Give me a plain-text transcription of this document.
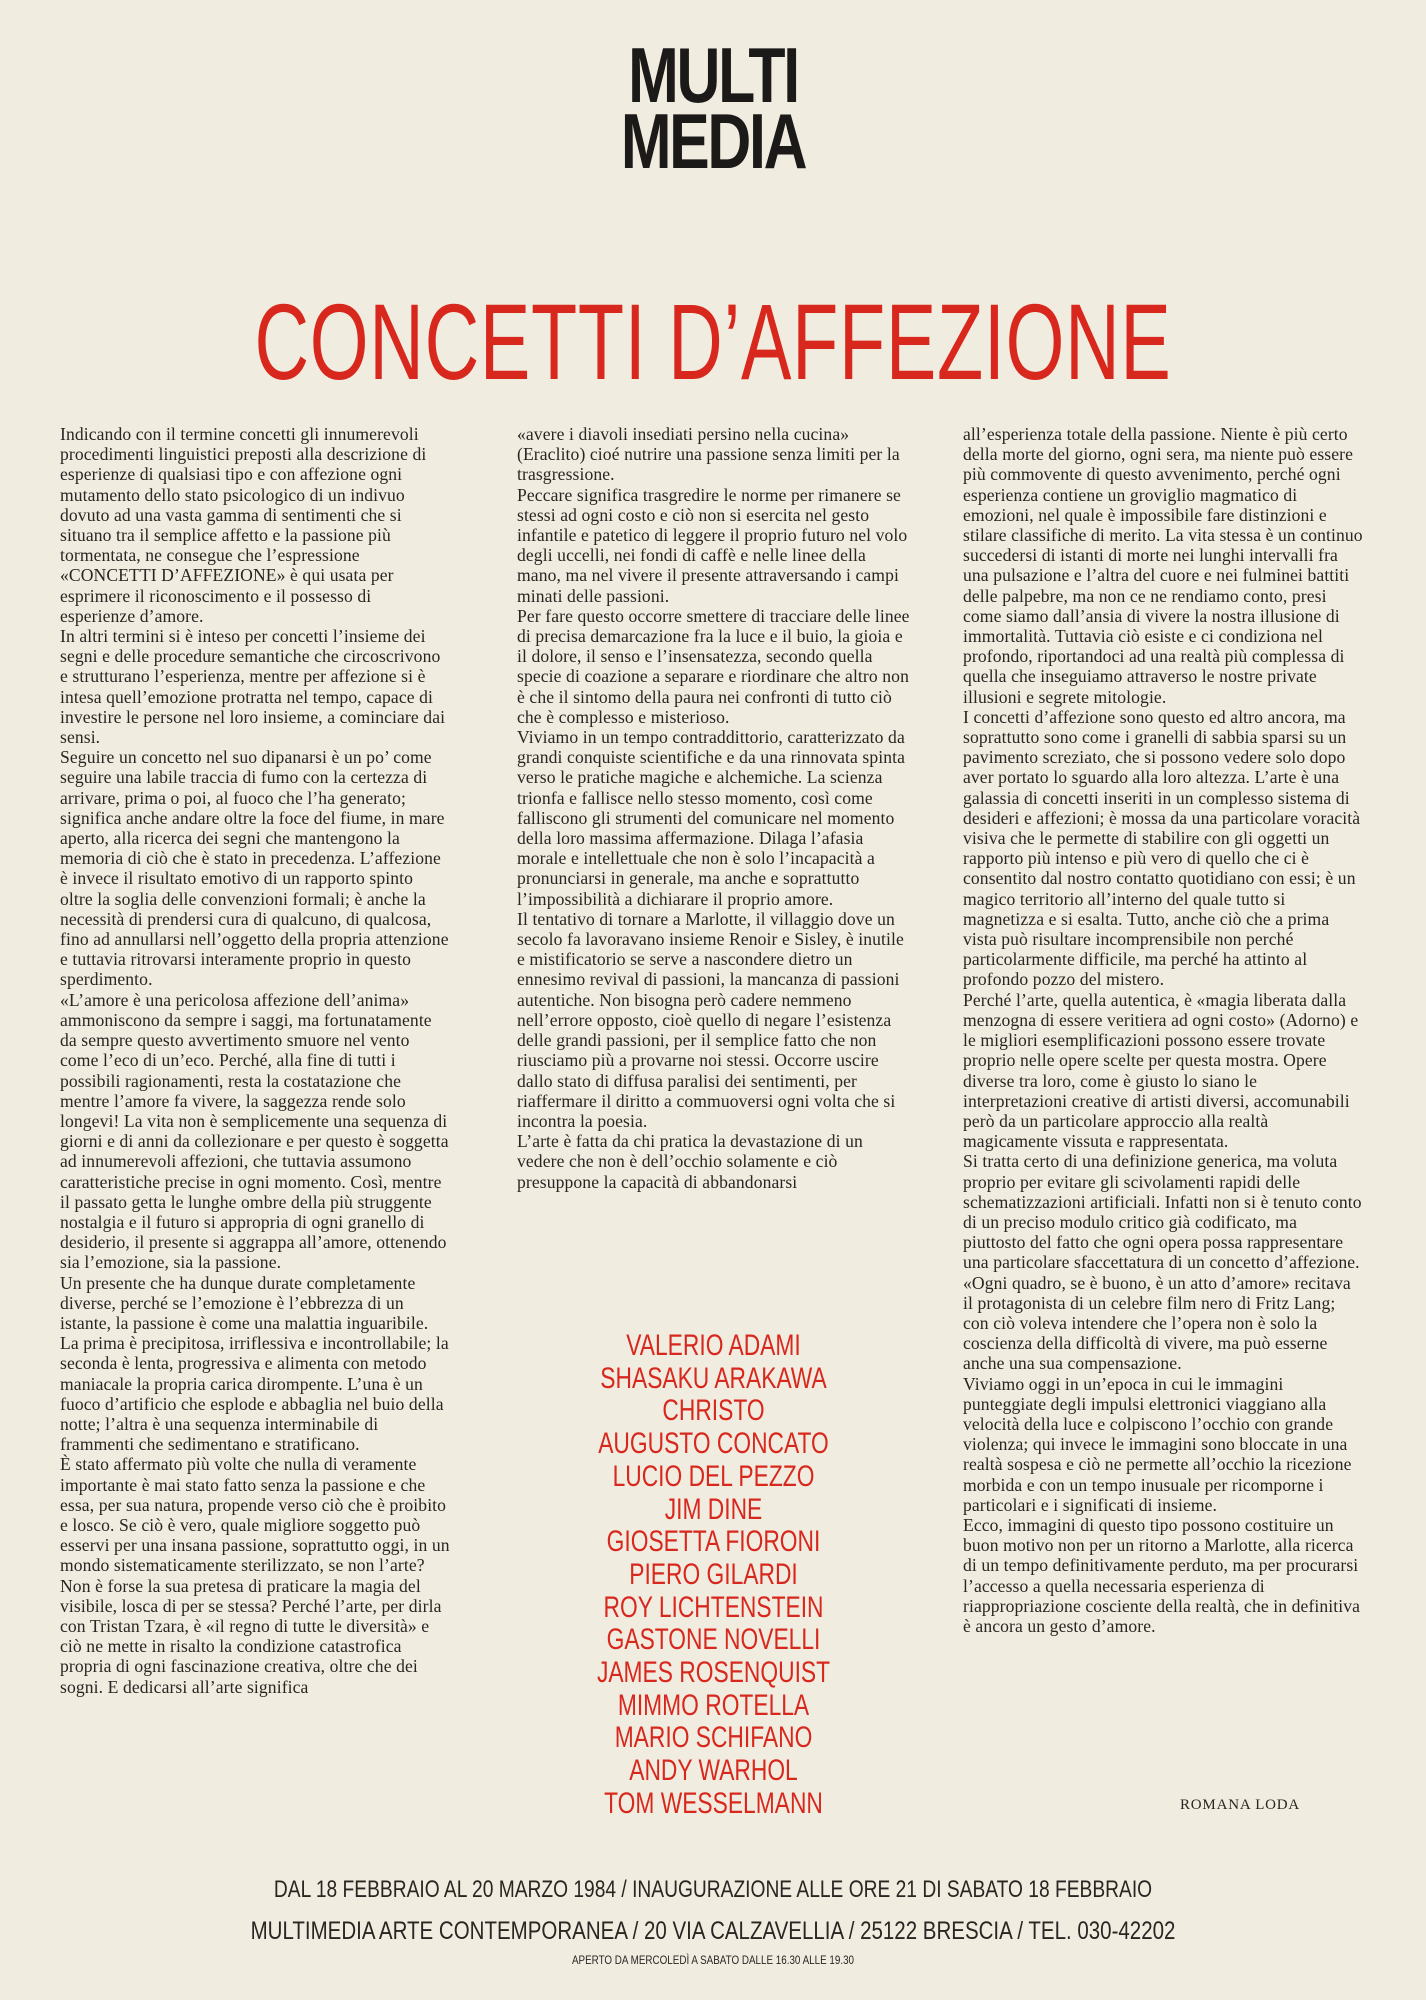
MULTI
MEDIA
CONCETTI D’AFFEZIONE

Indicando con il termine concetti gli innumerevoli procedimenti linguistici preposti alla descrizione di esperienze di qualsiasi tipo e con affezione ogni mutamento dello stato psicologico di un indivuo dovuto ad una vasta gamma di sentimenti che si situano tra il semplice affetto e la passione più tormentata, ne consegue che l’espressione «CONCETTI D’AFFEZIONE» è qui usata per esprimere il riconoscimento e il possesso di esperienze d’amore.

In altri termini si è inteso per concetti l’insieme dei segni e delle procedure semantiche che circoscrivono e strutturano l’esperienza, mentre per affezione si è intesa quell’emozione protratta nel tempo, capace di investire le persone nel loro insieme, a cominciare dai sensi.

Seguire un concetto nel suo dipanarsi è un po’ come seguire una labile traccia di fumo con la certezza di arrivare, prima o poi, al fuoco che l’ha generato; significa anche andare oltre la foce del fiume, in mare aperto, alla ricerca dei segni che mantengono la memoria di ciò che è stato in precedenza. L’affezione è invece il risultato emotivo di un rapporto spinto oltre la soglia delle convenzioni formali; è anche la necessità di prendersi cura di qualcuno, di qualcosa, fino ad annullarsi nell’oggetto della propria attenzione e tuttavia ritrovarsi interamente proprio in questo sperdimento.

«L’amore è una pericolosa affezione dell’anima» ammoniscono da sempre i saggi, ma fortunatamente da sempre questo avvertimento smuore nel vento come l’eco di un’eco. Perché, alla fine di tutti i possibili ragionamenti, resta la costatazione che mentre l’amore fa vivere, la saggezza rende solo longevi! La vita non è semplicemente una sequenza di giorni e di anni da collezionare e per questo è soggetta ad innumerevoli affezioni, che tuttavia assumono caratteristiche precise in ogni momento. Così, mentre il passato getta le lunghe ombre della più struggente nostalgia e il futuro si appropria di ogni granello di desiderio, il presente si aggrappa all’amore, ottenendo sia l’emozione, sia la passione.

Un presente che ha dunque durate completamente diverse, perché se l’emozione è l’ebbrezza di un istante, la passione è come una malattia inguaribile. La prima è precipitosa, irriflessiva e incontrollabile; la seconda è lenta, progressiva e alimenta con metodo maniacale la propria carica dirompente. L’una è un fuoco d’artificio che esplode e abbaglia nel buio della notte; l’altra è una sequenza interminabile di frammenti che sedimentano e stratificano.

È stato affermato più volte che nulla di veramente importante è mai stato fatto senza la passione e che essa, per sua natura, propende verso ciò che è proibito e losco. Se ciò è vero, quale migliore soggetto può esservi per una insana passione, soprattutto oggi, in un mondo sistematicamente sterilizzato, se non l’arte? Non è forse la sua pretesa di praticare la magia del visibile, losca di per se stessa? Perché l’arte, per dirla con Tristan Tzara, è «il regno di tutte le diversità» e ciò ne mette in risalto la condizione catastrofica propria di ogni fascinazione creativa, oltre che dei sogni. E dedicarsi all’arte significa

«avere i diavoli insediati persino nella cucina» (Eraclito) cioé nutrire una passione senza limiti per la trasgressione.

Peccare significa trasgredire le norme per rimanere se stessi ad ogni costo e ciò non si esercita nel gesto infantile e patetico di leggere il proprio futuro nel volo degli uccelli, nei fondi di caffè e nelle linee della mano, ma nel vivere il presente attraversando i campi minati delle passioni.

Per fare questo occorre smettere di tracciare delle linee di precisa demarcazione fra la luce e il buio, la gioia e il dolore, il senso e l’insensatezza, secondo quella specie di coazione a separare e riordinare che altro non è che il sintomo della paura nei confronti di tutto ciò che è complesso e misterioso.

Viviamo in un tempo contraddittorio, caratterizzato da grandi conquiste scientifiche e da una rinnovata spinta verso le pratiche magiche e alchemiche. La scienza trionfa e fallisce nello stesso momento, così come falliscono gli strumenti del comunicare nel momento della loro massima affermazione. Dilaga l’afasia morale e intellettuale che non è solo l’incapacità a pronunciarsi in generale, ma anche e soprattutto l’impossibilità a dichiarare il proprio amore.

Il tentativo di tornare a Marlotte, il villaggio dove un secolo fa lavoravano insieme Renoir e Sisley, è inutile e mistificatorio se serve a nascondere dietro un ennesimo revival di passioni, la mancanza di passioni autentiche. Non bisogna però cadere nemmeno nell’errore opposto, cioè quello di negare l’esistenza delle grandi passioni, per il semplice fatto che non riusciamo più a provarne noi stessi. Occorre uscire dallo stato di diffusa paralisi dei sentimenti, per riaffermare il diritto a commuoversi ogni volta che si incontra la poesia.

L’arte è fatta da chi pratica la devastazione di un vedere che non è dell’occhio solamente e ciò presuppone la capacità di abbandonarsi

VALERIO ADAMI
SHASAKU ARAKAWA
CHRISTO
AUGUSTO CONCATO
LUCIO DEL PEZZO
JIM DINE
GIOSETTA FIORONI
PIERO GILARDI
ROY LICHTENSTEIN
GASTONE NOVELLI
JAMES ROSENQUIST
MIMMO ROTELLA
MARIO SCHIFANO
ANDY WARHOL
TOM WESSELMANN

all’esperienza totale della passione. Niente è più certo della morte del giorno, ogni sera, ma niente può essere più commovente di questo avvenimento, perché ogni esperienza contiene un groviglio magmatico di emozioni, nel quale è impossibile fare distinzioni e stilare classifiche di merito. La vita stessa è un continuo succedersi di istanti di morte nei lunghi intervalli fra una pulsazione e l’altra del cuore e nei fulminei battiti delle palpebre, ma non ce ne rendiamo conto, presi come siamo dall’ansia di vivere la nostra illusione di immortalità. Tuttavia ciò esiste e ci condiziona nel profondo, riportandoci ad una realtà più complessa di quella che inseguiamo attraverso le nostre private illusioni e segrete mitologie.

I concetti d’affezione sono questo ed altro ancora, ma soprattutto sono come i granelli di sabbia sparsi su un pavimento screziato, che si possono vedere solo dopo aver portato lo sguardo alla loro altezza. L’arte è una galassia di concetti inseriti in un complesso sistema di desideri e affezioni; è mossa da una particolare voracità visiva che le permette di stabilire con gli oggetti un rapporto più intenso e più vero di quello che ci è consentito dal nostro contatto quotidiano con essi; è un magico territorio all’interno del quale tutto si magnetizza e si esalta. Tutto, anche ciò che a prima vista può risultare incomprensibile non perché particolarmente difficile, ma perché ha attinto al profondo pozzo del mistero.

Perché l’arte, quella autentica, è «magia liberata dalla menzogna di essere veritiera ad ogni costo» (Adorno) e le migliori esemplificazioni possono essere trovate proprio nelle opere scelte per questa mostra. Opere diverse tra loro, come è giusto lo siano le interpretazioni creative di artisti diversi, accomunabili però da un particolare approccio alla realtà magicamente vissuta e rappresentata.

Si tratta certo di una definizione generica, ma voluta proprio per evitare gli scivolamenti rapidi delle schematizzazioni artificiali. Infatti non si è tenuto conto di un preciso modulo critico già codificato, ma piuttosto del fatto che ogni opera possa rappresentare una particolare sfaccettatura di un concetto d’affezione.

«Ogni quadro, se è buono, è un atto d’amore» recitava il protagonista di un celebre film nero di Fritz Lang; con ciò voleva intendere che l’opera non è solo la coscienza della difficoltà di vivere, ma può esserne anche una sua compensazione.

Viviamo oggi in un’epoca in cui le immagini punteggiate degli impulsi elettronici viaggiano alla velocità della luce e colpiscono l’occhio con grande violenza; qui invece le immagini sono bloccate in una realtà sospesa e ciò ne permette all’occhio la ricezione morbida e con un tempo inusuale per ricomporne i particolari e i significati di insieme.

Ecco, immagini di questo tipo possono costituire un buon motivo non per un ritorno a Marlotte, alla ricerca di un tempo definitivamente perduto, ma per procurarsi l’accesso a quella necessaria esperienza di riappropriazione cosciente della realtà, che in definitiva è ancora un gesto d’amore.

ROMANA LODA
DAL 18 FEBBRAIO AL 20 MARZO 1984 / INAUGURAZIONE ALLE ORE 21 DI SABATO 18 FEBBRAIO
MULTIMEDIA ARTE CONTEMPORANEA / 20 VIA CALZAVELLIA / 25122 BRESCIA / TEL. 030-42202
APERTO DA MERCOLEDÌ A SABATO DALLE 16.30 ALLE 19.30
